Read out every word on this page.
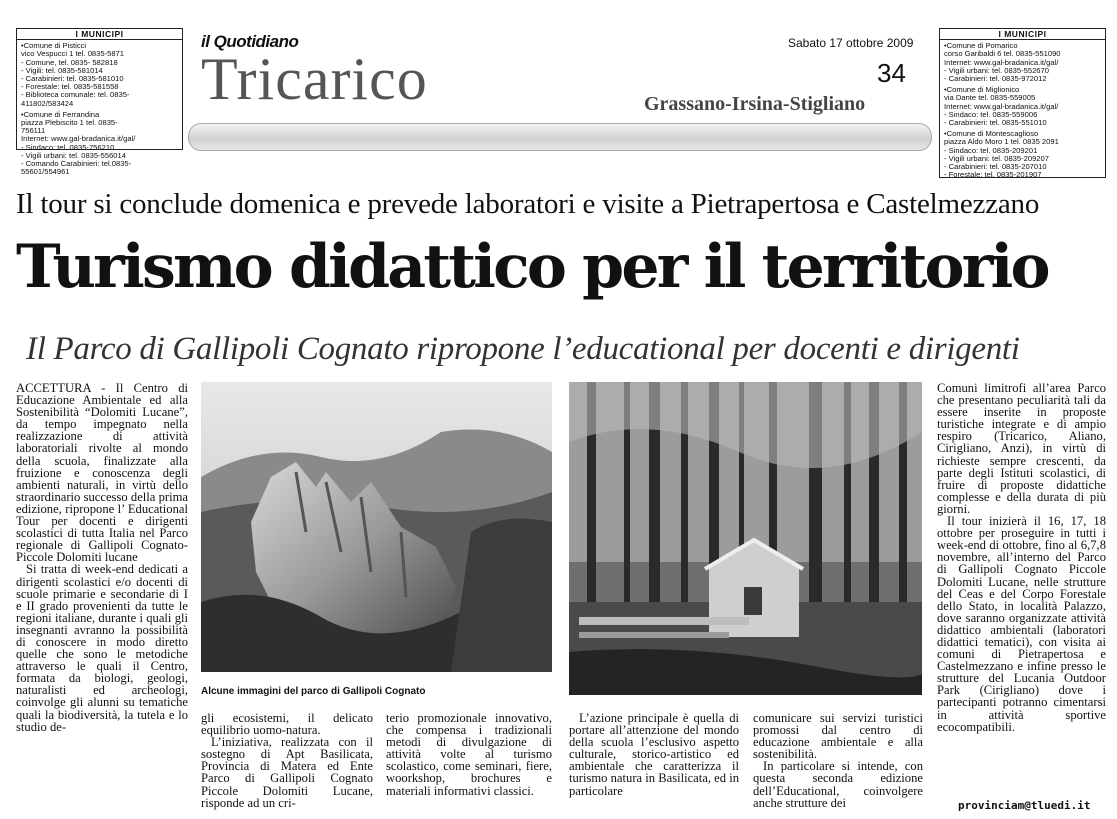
I MUNICIPI
•Comune di Pisticci
vico Vespucci 1 tel. 0835-5871
- Comune, tel. 0835- 582818
- Vigili: tel. 0835-581014
- Carabinieri: tel. 0835-581010
- Forestale: tel. 0835-581558
- Biblioteca comunale: tel. 0835-
411802/583424
•Comune di Ferrandina
piazza Plebiscito 1 tel. 0835-
756111
Internet: www.gal-bradanica.it/gal/
- Sindaco: tel. 0835-756210
- Vigili urbani: tel. 0835-556014
- Comando Carabinieri: tel.0835-
55601/554961
I MUNICIPI
•Comune di Pomarico
corso Garibaldi 6 tel. 0835-551090
Internet: www.gal-bradanica.it/gal/
- Vigili urbani: tel. 0835-552670
- Carabinieri: tel. 0835-972012
•Comune di Miglionico
via Dante tel. 0835-559005
Internet: www.gal-bradanica.it/gal/
- Sindaco: tel. 0835-559006
- Carabinieri: tel. 0835-551010
•Comune di Montescaglioso
piazza Aldo Moro 1 tel. 0835 2091
- Sindaco: tel. 0835-209201
- Vigili urbani: tel. 0835-209207
- Carabinieri: tel. 0835-207010
- Forestale: tel. 0835-201907
il Quotidiano
Tricarico
Sabato 17 ottobre 2009
34
Grassano-Irsina-Stigliano
Il tour si conclude domenica e prevede laboratori e visite a Pietrapertosa e Castelmezzano
Turismo didattico per il territorio
Il Parco di Gallipoli Cognato ripropone l’educational per docenti e dirigenti

ACCETTURA - Il Centro di Educazione Ambientale ed alla Sostenibilità “Dolomiti Lucane”, da tempo impegnato nella realizzazione di attività laboratoriali rivolte al mondo della scuola, finalizzate alla fruizione e conoscenza degli ambienti naturali, in virtù dello straordinario successo della prima edizione, ripropone l’ Educational Tour per docenti e dirigenti scolastici di tutta Italia nel Parco regionale di Gallipoli Cognato-Piccole Dolomiti lucane

Si tratta di week-end dedicati a dirigenti scolastici e/o docenti di scuole primarie e secondarie di I e II grado provenienti da tutte le regioni italiane, durante i quali gli insegnanti avranno la possibilità di conoscere in modo diretto quelle che sono le metodiche attraverso le quali il Centro, formata da biologi, geologi, naturalisti ed archeologi, coinvolge gli alunni su tematiche quali la biodiversità, la tutela e lo studio de-

Alcune immagini del parco di Gallipoli Cognato

gli ecosistemi, il delicato equilibrio uomo-natura.

L’iniziativa, realizzata con il sostegno di Apt Basilicata, Provincia di Matera ed Ente Parco di Gallipoli Cognato Piccole Dolomiti Lucane, risponde ad un cri-

terio promozionale innovativo, che compensa i tradizionali metodi di divulgazione di attività volte al turismo scolastico, come seminari, fiere, woorkshop, brochures e materiali informativi classici.

L’azione principale è quella di portare all’attenzione del mondo della scuola l’esclusivo aspetto culturale, storico-artistico ed ambientale che caratterizza il turismo natura in Basilicata, ed in particolare

comunicare sui servizi turistici promossi dal centro di educazione ambientale e alla sostenibilità.

In particolare si intende, con questa seconda edizione dell’Educational, coinvolgere anche strutture dei

Comuni limitrofi all’area Parco che presentano peculiarità tali da essere inserite in proposte turistiche integrate e di ampio respiro (Tricarico, Aliano, Cirigliano, Anzi), in virtù di richieste sempre crescenti, da parte degli Istituti scolastici, di fruire di proposte didattiche complesse e della durata di più giorni.

Il tour inizierà il 16, 17, 18 ottobre per proseguire in tutti i week-end di ottobre, fino al 6,7,8 novembre, all’interno del Parco di Gallipoli Cognato Piccole Dolomiti Lucane, nelle strutture del Ceas e del Corpo Forestale dello Stato, in località Palazzo, dove saranno organizzate attività didattico ambientali (laboratori didattici tematici), con visita ai comuni di Pietrapertosa e Castelmezzano e infine presso le strutture del Lucania Outdoor Park (Cirigliano) dove i partecipanti potranno cimentarsi in attività sportive ecocompatibili.

provinciam@tluedi.it
